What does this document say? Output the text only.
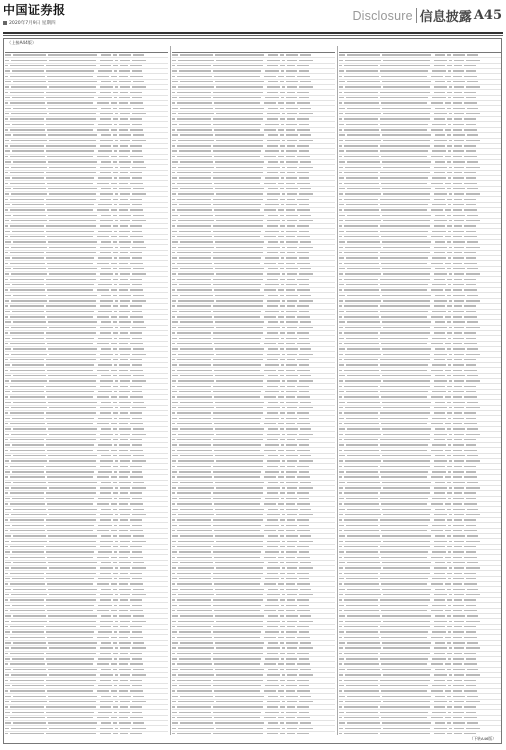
中国证券报
2020年7月9日 星期四
Disclosure 信息披露 A45
（上接A44版）
（下转A46版）
